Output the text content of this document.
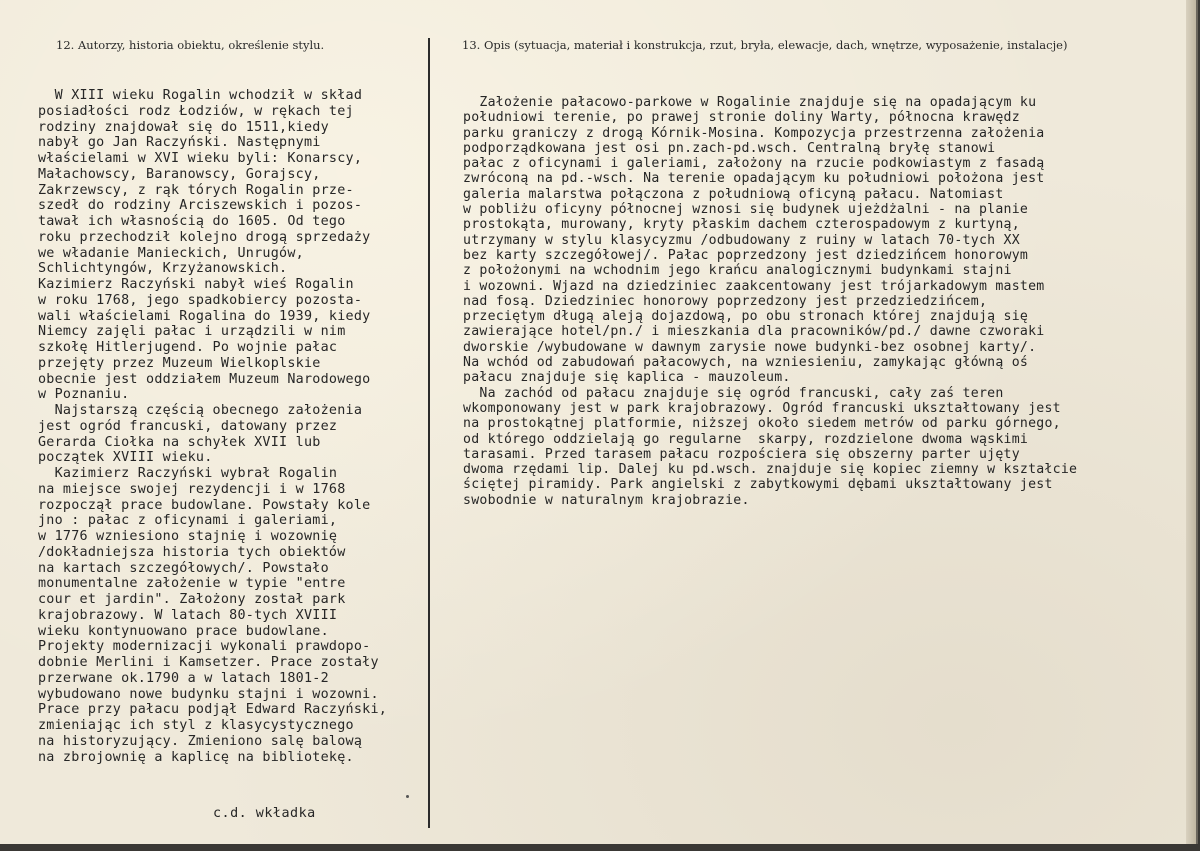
12. Autorzy, historia obiektu, określenie stylu.	13. Opis (sytuacja, materiał i konstrukcja, rzut, bryła, elewacje, dach, wnętrze, wyposażenie, instalacje)
W XIII wieku Rogalin wchodził w skład
posiadłości rodz Łodziów, w rękach tej
rodziny znajdował się do 1511,kiedy
nabył go Jan Raczyński. Następnymi
właścielami w XVI wieku byli: Konarscy,
Małachowscy, Baranowscy, Gorajscy,
Zakrzewscy, z rąk tórych Rogalin prze-
szedł do rodziny Arciszewskich i pozos-
tawał ich własnością do 1605. Od tego
roku przechodził kolejno drogą sprzedaży
we władanie Manieckich, Unrugów,
Schlichtyngów, Krzyżanowskich.
Kazimierz Raczyński nabył wieś Rogalin
w roku 1768, jego spadkobiercy pozosta-
wali właścielami Rogalina do 1939, kiedy
Niemcy zajęli pałac i urządzili w nim
szkołę Hitlerjugend. Po wojnie pałac
przejęty przez Muzeum Wielkoplskie
obecnie jest oddziałem Muzeum Narodowego
w Poznaniu.
Najstarszą częścią obecnego założenia
jest ogród francuski, datowany przez
Gerarda Ciołka na schyłek XVII lub
początek XVIII wieku.
Kazimierz Raczyński wybrał Rogalin
na miejsce swojej rezydencji i w 1768
rozpoczął prace budowlane. Powstały kole
jno : pałac z oficynami i galeriami,
w 1776 wzniesiono stajnię i wozownię
/dokładniejsza historia tych obiektów
na kartach szczegółowych/. Powstało
monumentalne założenie w typie "entre
cour et jardin". Założony został park
krajobrazowy. W latach 80-tych XVIII
wieku kontynuowano prace budowlane.
Projekty modernizacji wykonali prawdopo-
dobnie Merlini i Kamsetzer. Prace zostały
przerwane ok.1790 a w latach 1801-2
wybudowano nowe budynku stajni i wozowni.
Prace przy pałacu podjął Edward Raczyński,
zmieniając ich styl z klasycystycznego
na historyzujący. Zmieniono salę balową
na zbrojownię a kaplicę na bibliotekę.
Założenie pałacowo-parkowe w Rogalinie znajduje się na opadającym ku
południowi terenie, po prawej stronie doliny Warty, północna krawędz
parku graniczy z drogą Kórnik-Mosina. Kompozycja przestrzenna założenia
podporządkowana jest osi pn.zach-pd.wsch. Centralną bryłę stanowi
pałac z oficynami i galeriami, założony na rzucie podkowiastym z fasadą
zwróconą na pd.-wsch. Na terenie opadającym ku południowi położona jest
galeria malarstwa połączona z południową oficyną pałacu. Natomiast
w pobliżu oficyny północnej wznosi się budynek ujeżdżalni - na planie
prostokąta, murowany, kryty płaskim dachem czterospadowym z kurtyną,
utrzymany w stylu klasycyzmu /odbudowany z ruiny w latach 70-tych XX
bez karty szczegółowej/. Pałac poprzedzony jest dziedzińcem honorowym
z położonymi na wchodnim jego krańcu analogicznymi budynkami stajni
i wozowni. Wjazd na dziedziniec zaakcentowany jest trójarkadowym mastem
nad fosą. Dziedziniec honorowy poprzedzony jest przedziedzińcem,
przeciętym długą aleją dojazdową, po obu stronach której znajdują się
zawierające hotel/pn./ i mieszkania dla pracowników/pd./ dawne czworaki
dworskie /wybudowane w dawnym zarysie nowe budynki-bez osobnej karty/.
Na wchód od zabudowań pałacowych, na wzniesieniu, zamykając główną oś
pałacu znajduje się kaplica - mauzoleum.
Na zachód od pałacu znajduje się ogród francuski, cały zaś teren
wkomponowany jest w park krajobrazowy. Ogród francuski ukształtowany jest
na prostokątnej platformie, niższej około siedem metrów od parku górnego,
od którego oddzielają go regularne  skarpy, rozdzielone dwoma wąskimi
tarasami. Przed tarasem pałacu rozpościera się obszerny parter ujęty
dwoma rzędami lip. Dalej ku pd.wsch. znajduje się kopiec ziemny w kształcie
ściętej piramidy. Park angielski z zabytkowymi dębami ukształtowany jest
swobodnie w naturalnym krajobrazie.
c.d. wkładka
